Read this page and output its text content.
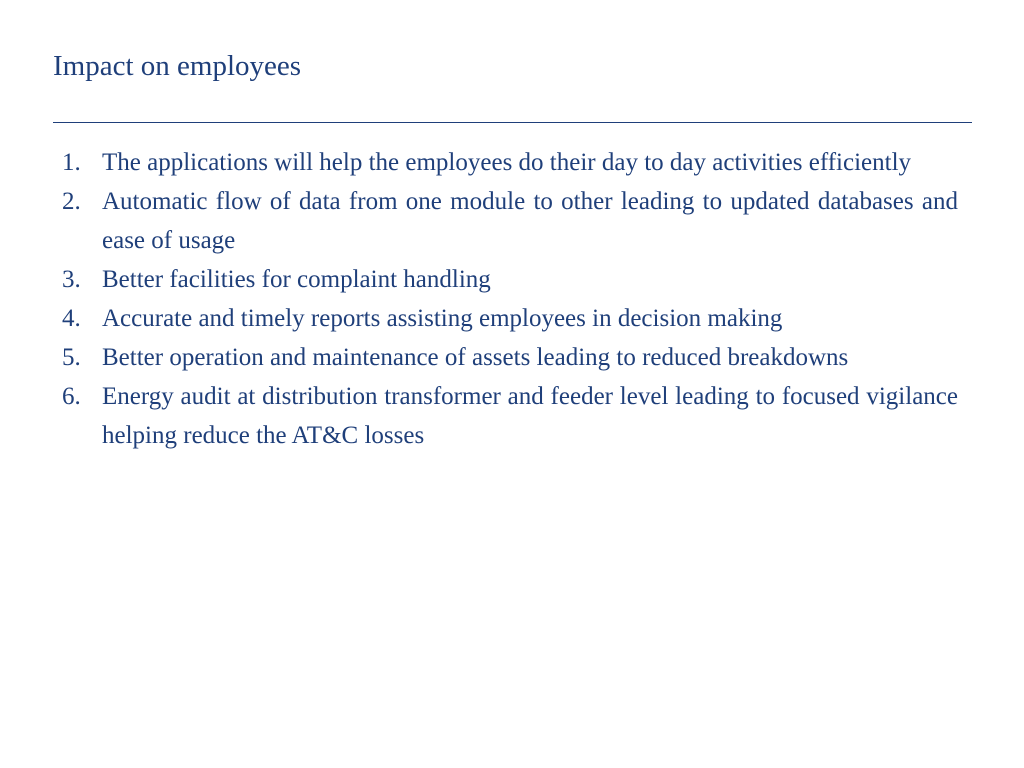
Impact on employees
1. The applications will help the employees do their day to day activities efficiently
2. Automatic flow of data from one module to other leading to updated databases and ease of usage
3. Better facilities for complaint handling
4. Accurate and timely reports assisting employees in decision making
5. Better operation and maintenance of assets leading to reduced breakdowns
6. Energy audit at distribution transformer and feeder level leading to focused vigilance helping reduce the AT&C losses
